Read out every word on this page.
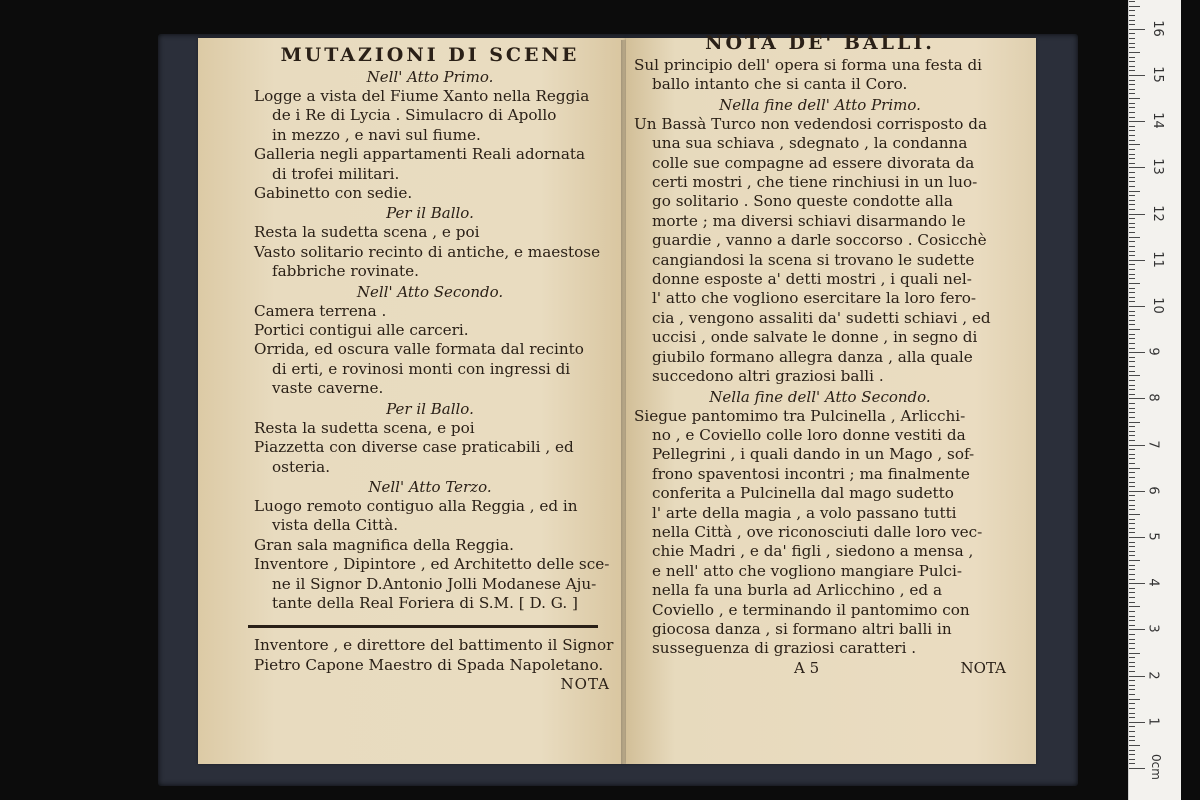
MUTAZIONI DI SCENE
Nell' Atto Primo.
Logge a vista del Fiume Xanto nella Reggia
de i Re di Lycia . Simulacro di Apollo
in mezzo , e navi sul fiume.
Galleria negli appartamenti Reali adornata
di trofei militari.
Gabinetto con sedie.
Per il Ballo.
Resta la sudetta scena , e poi
Vasto solitario recinto di antiche, e maestose
fabbriche rovinate.
Nell' Atto Secondo.
Camera terrena .
Portici contigui alle carceri.
Orrida, ed oscura valle formata dal recinto
di erti, e rovinosi monti con ingressi di
vaste caverne.
Per il Ballo.
Resta la sudetta scena, e poi
Piazzetta con diverse case praticabili , ed
osteria.
Nell' Atto Terzo.
Luogo remoto contiguo alla Reggia , ed in
vista della Città.
Gran sala magnifica della Reggia.
Inventore , Dipintore , ed Architetto delle sce-
ne il Signor D.Antonio Jolli Modanese Aju-
tante della Real Foriera di S.M. [ D. G. ]
Inventore , e direttore del battimento il Signor
Pietro Capone Maestro di Spada Napoletano.
NOTA
NOTA DE' BALLI.
Sul principio dell' opera si forma una festa di
ballo intanto che si canta il Coro.
Nella fine dell' Atto Primo.
Un Bassà Turco non vedendosi corrisposto da
una sua schiava , sdegnato , la condanna
colle sue compagne ad essere divorata da
certi mostri , che tiene rinchiusi in un luo-
go solitario . Sono queste condotte alla
morte ; ma diversi schiavi disarmando le
guardie , vanno a darle soccorso . Cosicchè
cangiandosi la scena si trovano le sudette
donne esposte a' detti mostri , i quali nel-
l' atto che vogliono esercitare la loro fero-
cia , vengono assaliti da' sudetti schiavi , ed
uccisi , onde salvate le donne , in segno di
giubilo formano allegra danza , alla quale
succedono altri graziosi balli .
Nella fine dell' Atto Secondo.
Siegue pantomimo tra Pulcinella , Arlicchi-
no , e Coviello colle loro donne vestiti da
Pellegrini , i quali dando in un Mago , sof-
frono spaventosi incontri ; ma finalmente
conferita a Pulcinella dal mago sudetto
l' arte della magia , a volo passano tutti
nella Città , ove riconosciuti dalle loro vec-
chie Madri , e da' figli , siedono a mensa ,
e nell' atto che vogliono mangiare Pulci-
nella fa una burla ad Arlicchino , ed a
Coviello , e terminando il pantomimo con
giocosa danza , si formano altri balli in
susseguenza di graziosi caratteri .
A 5	NOTA
16
15
14
13
12
11
10
9
8
7
6
5
4
3
2
1
0cm
